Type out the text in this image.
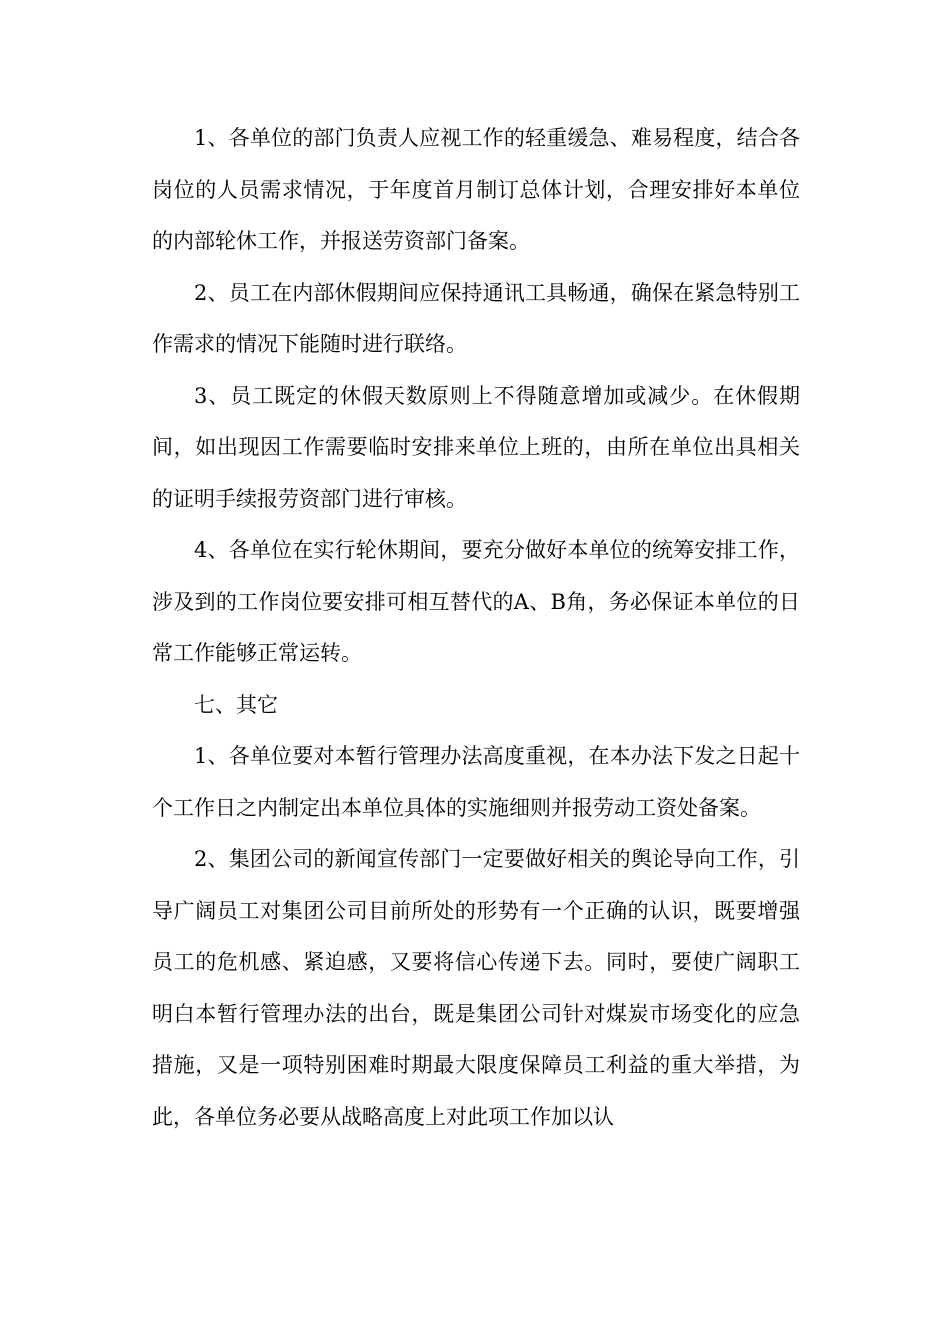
1、各单位的部门负责人应视工作的轻重缓急、难易程度，结合各岗位的人员需求情况，于年度首月制订总体计划，合理安排好本单位的内部轮休工作，并报送劳资部门备案。

2、员工在内部休假期间应保持通讯工具畅通，确保在紧急特别工作需求的情况下能随时进行联络。

3、员工既定的休假天数原则上不得随意增加或减少。在休假期间，如出现因工作需要临时安排来单位上班的，由所在单位出具相关的证明手续报劳资部门进行审核。

4、各单位在实行轮休期间，要充分做好本单位的统筹安排工作，涉及到的工作岗位要安排可相互替代的A、B角，务必保证本单位的日常工作能够正常运转。

七、其它

1、各单位要对本暂行管理办法高度重视，在本办法下发之日起十个工作日之内制定出本单位具体的实施细则并报劳动工资处备案。

2、集团公司的新闻宣传部门一定要做好相关的舆论导向工作，引导广阔员工对集团公司目前所处的形势有一个正确的认识，既要增强员工的危机感、紧迫感，又要将信心传递下去。同时，要使广阔职工明白本暂行管理办法的出台，既是集团公司针对煤炭市场变化的应急措施，又是一项特别困难时期最大限度保障员工利益的重大举措，为此，各单位务必要从战略高度上对此项工作加以认
